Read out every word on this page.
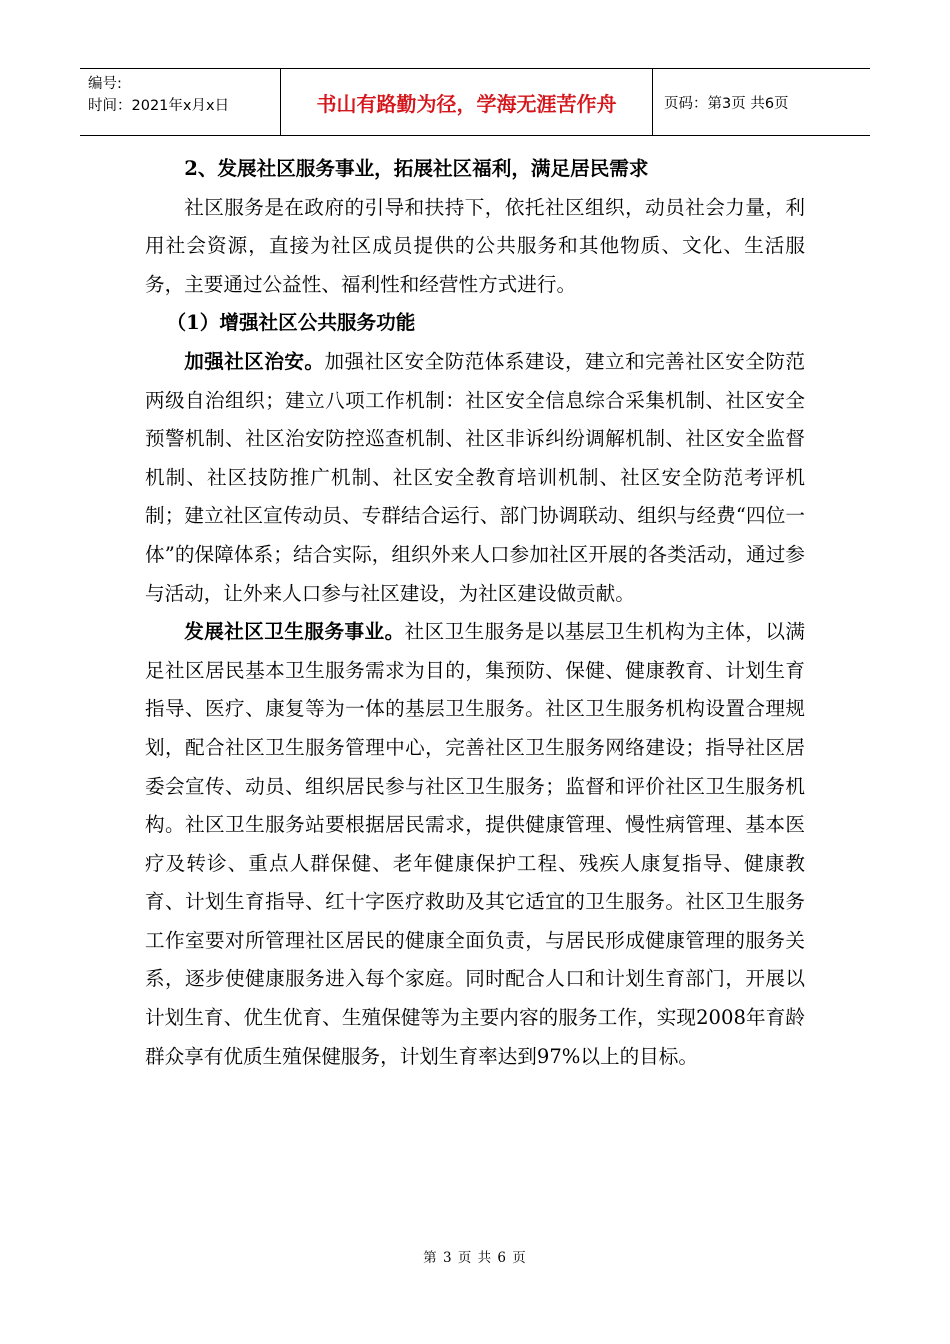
编号:
时间：2021年x月x日	书山有路勤为径，学海无涯苦作舟	页码：第3页 共6页

2、发展社区服务事业，拓展社区福利，满足居民需求

社区服务是在政府的引导和扶持下，依托社区组织，动员社会力量，利用社会资源，直接为社区成员提供的公共服务和其他物质、文化、生活服务，主要通过公益性、福利性和经营性方式进行。

（1）增强社区公共服务功能

加强社区治安。加强社区安全防范体系建设，建立和完善社区安全防范两级自治组织；建立八项工作机制：社区安全信息综合采集机制、社区安全预警机制、社区治安防控巡查机制、社区非诉纠纷调解机制、社区安全监督机制、社区技防推广机制、社区安全教育培训机制、社区安全防范考评机制；建立社区宣传动员、专群结合运行、部门协调联动、组织与经费“四位一体”的保障体系；结合实际，组织外来人口参加社区开展的各类活动，通过参与活动，让外来人口参与社区建设，为社区建设做贡献。

发展社区卫生服务事业。社区卫生服务是以基层卫生机构为主体，以满足社区居民基本卫生服务需求为目的，集预防、保健、健康教育、计划生育指导、医疗、康复等为一体的基层卫生服务。社区卫生服务机构设置合理规划，配合社区卫生服务管理中心，完善社区卫生服务网络建设；指导社区居委会宣传、动员、组织居民参与社区卫生服务；监督和评价社区卫生服务机构。社区卫生服务站要根据居民需求，提供健康管理、慢性病管理、基本医疗及转诊、重点人群保健、老年健康保护工程、残疾人康复指导、健康教育、计划生育指导、红十字医疗救助及其它适宜的卫生服务。社区卫生服务工作室要对所管理社区居民的健康全面负责，与居民形成健康管理的服务关系，逐步使健康服务进入每个家庭。同时配合人口和计划生育部门，开展以计划生育、优生优育、生殖保健等为主要内容的服务工作，实现2008年育龄群众享有优质生殖保健服务，计划生育率达到97%以上的目标。

第 3 页 共 6 页
